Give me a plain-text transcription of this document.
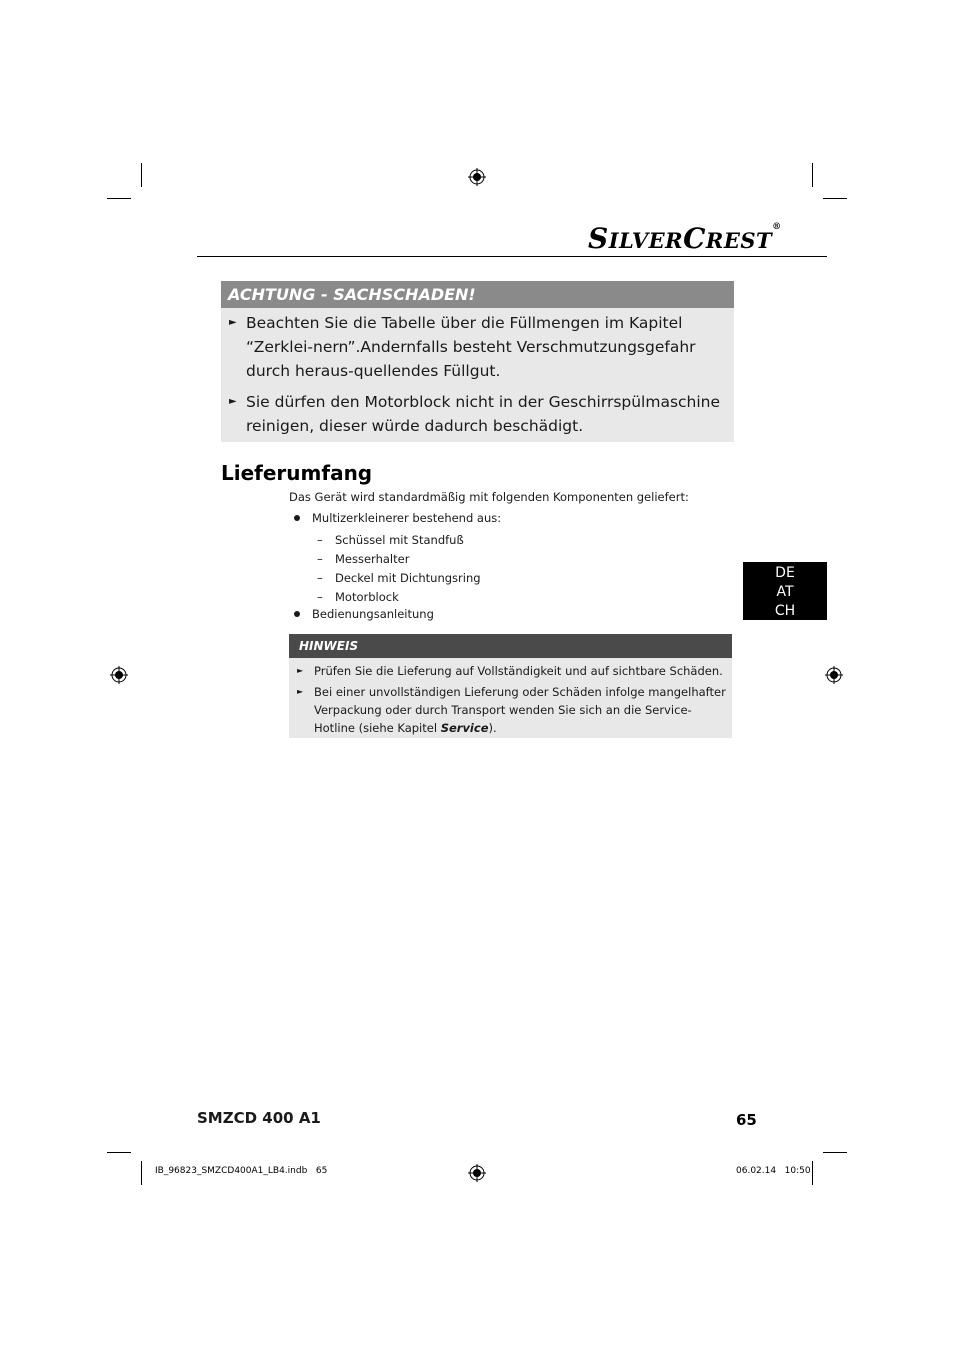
SILVERCREST®
ACHTUNG - SACHSCHADEN!
► Beachten Sie die Tabelle über die Füllmengen im Kapitel “Zerklei-nern”.Andernfalls besteht Verschmutzungsgefahr durch heraus-quellendes Füllgut.
► Sie dürfen den Motorblock nicht in der Geschirrspülmaschine reinigen, dieser würde dadurch beschädigt.
Lieferumfang
Das Gerät wird standardmäßig mit folgenden Komponenten geliefert:
Multizerkleinerer bestehend aus:
– Schüssel mit Standfuß
– Messerhalter
– Deckel mit Dichtungsring
– Motorblock
Bedienungsanleitung
DE
AT
CH
HINWEIS
► Prüfen Sie die Lieferung auf Vollständigkeit und auf sichtbare Schäden.
► Bei einer unvollständigen Lieferung oder Schäden infolge mangelhafter Verpackung oder durch Transport wenden Sie sich an die Service-Hotline (siehe Kapitel Service).
SMZCD 400 A1	65
IB_96823_SMZCD400A1_LB4.indb   65	06.02.14   10:50
